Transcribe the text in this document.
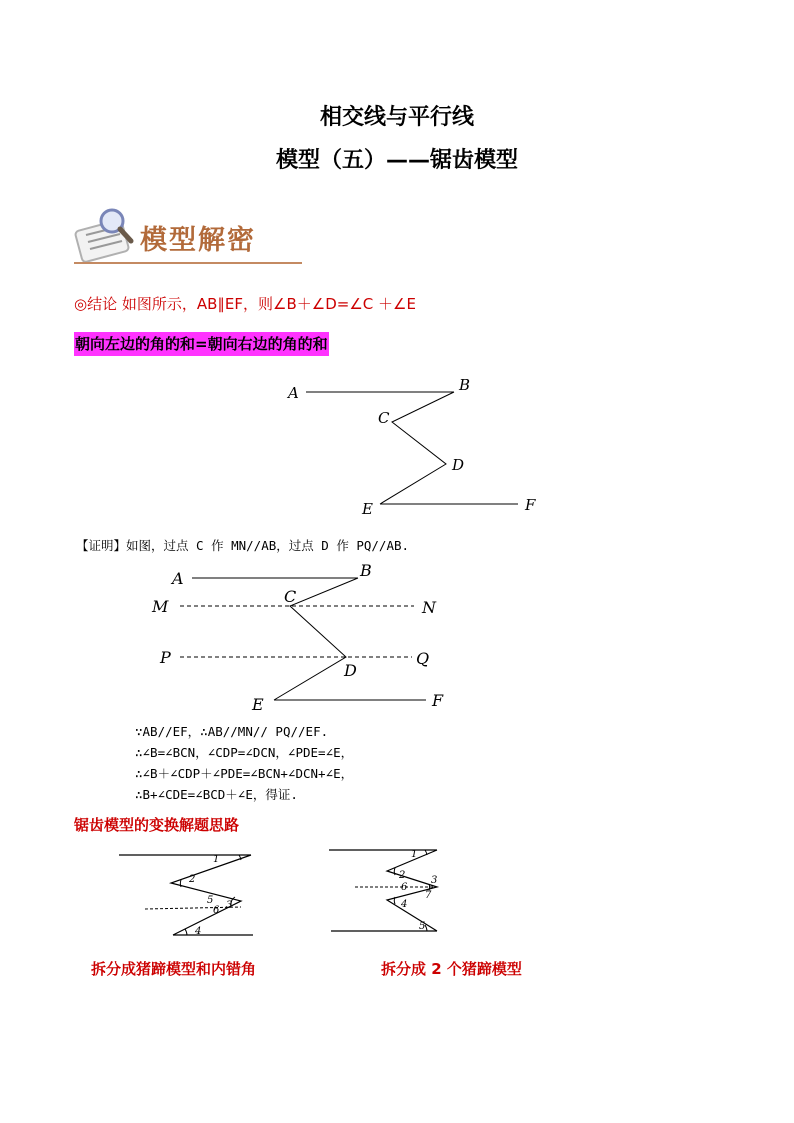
相交线与平行线
模型（五）——锯齿模型
模型解密
◎结论 如图所示，AB∥EF，则∠B＋∠D=∠C ＋∠E
朝向左边的角的和=朝向右边的角的和
A	B
C
D
E	F
【证明】如图，过点 C 作 MN//AB，过点 D 作 PQ//AB.
A	B
M
C
N
P	Q
D
E	F
∵AB//EF，∴AB//MN// PQ//EF.
∴∠B=∠BCN，∠CDP=∠DCN，∠PDE=∠E，
∴∠B＋∠CDP＋∠PDE=∠BCN+∠DCN+∠E，
∴B+∠CDE=∠BCD＋∠E，得证.
锯齿模型的变换解题思路
1
2
5 3
6
4
1
2	3
6
7
4
5
拆分成猪蹄模型和内错角	拆分成 2 个猪蹄模型
